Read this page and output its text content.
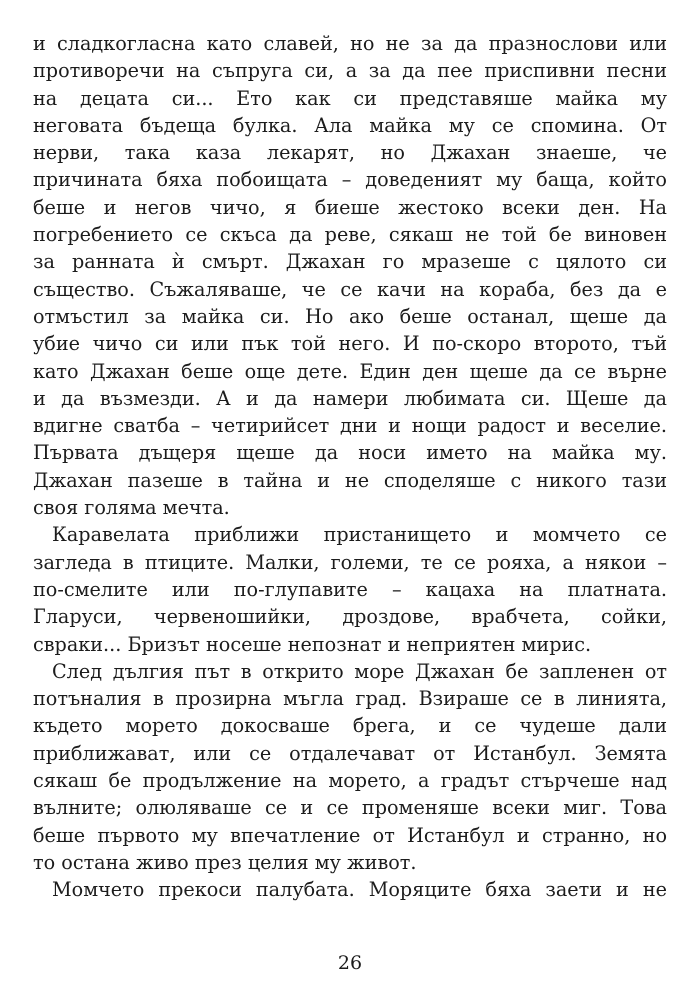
и сладкогласна като славей, но не за да празнослови или
противоречи на съпруга си, а за да пее приспивни песни
на децата си... Ето как си представяше майка му
неговата бъдеща булка. Ала майка му се спомина. От
нерви, така каза лекарят, но Джахан знаеше, че
причината бяха побоищата – доведеният му баща, който
беше и негов чичо, я биеше жестоко всеки ден. На
погребението се скъса да реве, сякаш не той бе виновен
за ранната ѝ смърт. Джахан го мразеше с цялото си
същество. Съжаляваше, че се качи на кораба, без да е
отмъстил за майка си. Но ако беше останал, щеше да
убие чичо си или пък той него. И по-скоро второто, тъй
като Джахан беше още дете. Един ден щеше да се върне
и да възмезди. А и да намери любимата си. Щеше да
вдигне сватба – четирийсет дни и нощи радост и веселие.
Първата дъщеря щеше да носи името на майка му.
Джахан пазеше в тайна и не споделяше с никого тази
своя голяма мечта.
Каравелата приближи пристанището и момчето се
загледа в птиците. Малки, големи, те се рояха, а някои –
по-смелите или по-глупавите – кацаха на платната.
Гларуси, червеношийки, дроздове, врабчета, сойки,
свраки... Бризът носеше непознат и неприятен мирис.
След дългия път в открито море Джахан бе запленен от
потъналия в прозирна мъгла град. Взираше се в линията,
където морето докосваше брега, и се чудеше дали
приближават, или се отдалечават от Истанбул. Земята
сякаш бе продължение на морето, а градът стърчеше над
вълните; олюляваше се и се променяше всеки миг. Това
беше първото му впечатление от Истанбул и странно, но
то остана живо през целия му живот.
Момчето прекоси палубата. Моряците бяха заети и не
26
